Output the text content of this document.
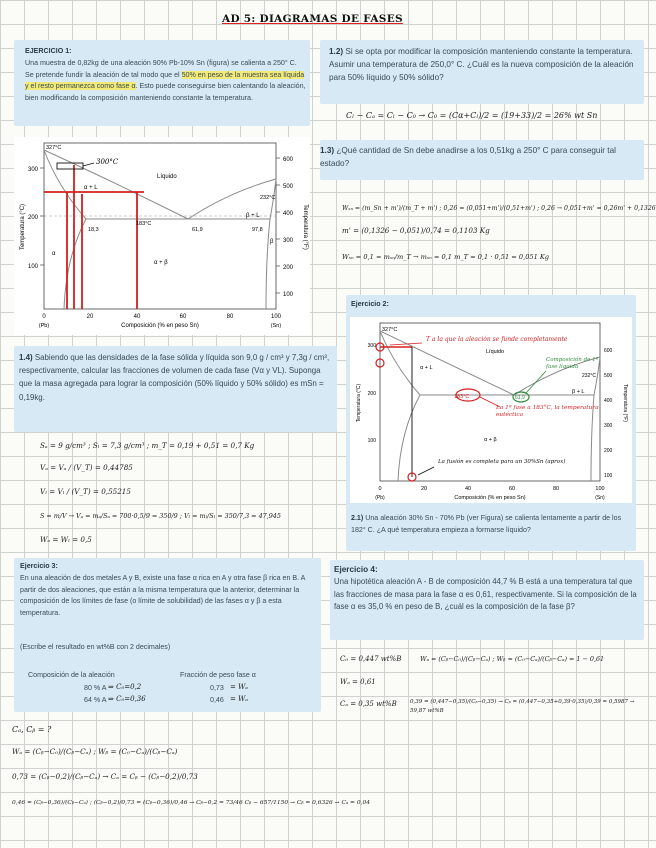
AD 5: DIAGRAMAS DE FASES
EJERCICIO 1:

Una muestra de 0,82kg de una aleación 90% Pb-10% Sn (figura) se calienta a 250° C. Se pretende fundir la aleación de tal modo que el 50% en peso de la muestra sea líquida y el resto permanezca como fase α. Esto puede conseguirse bien calentando la aleación, bien modificando la composición manteniendo constante la temperatura.

1.2) Si se opta por modificar la composición manteniendo constante la temperatura. Asumir una temperatura de 250,0° C. ¿Cuál es la nueva composición de la aleación para 50% líquido y 50% sólido?

Cₗ − Cₐ = Cₗ − C₀ → C₀ = (Cα+Cₗ)/2 = (19+33)/2 = 26% wt Sn
100
200
300
Temperatura (°C)
100
200
300
400
500
600
Temperatura (°F)
0	20	40	60	80	100
(Pb)	(Sn)
Composición (% en peso Sn)
300°C
327°C
Líquido
α + L
β + L
α + β
α
β
183°C
18,3	61,9	97,8
232°C

1.3) ¿Qué cantidad de Sn debe anadirse a los 0,51kg a 250° C para conseguir tal estado?

Wₛₙ = (m_Sn + m')/(m_T + m') ; 0,26 = (0,051+m')/(0,51+m') ; 0,26 → 0,051+m' = 0,26m' + 0,1326
m' = (0,1326 − 0,051)/0,74 = 0,1103 Kg
Wₛₙ = 0,1 = mₛₙ/m_T → mₛₙ = 0,1 m_T = 0,1 · 0,51 = 0,051 Kg

1.4) Sabiendo que las densidades de la fase sólida y líquida son 9,0 g / cm³ y 7,3g / cm³, respectivamente, calcular las fracciones de volumen de cada fase (Vα y VL). Suponga que la masa agregada para lograr la composición (50% líquido y 50% sólido) es mSn = 0,19kg.

Sₐ = 9 g/cm³ ; Sₗ = 7,3 g/cm³ ; m_T = 0,19 + 0,51 = 0,7 Kg
Vₐ = Vₐ / (V_T) = 0,44785
Vₗ = Vₗ / (V_T) = 0,55215
S = m/V → Vₐ = mₐ/Sₐ = 700·0,5/9 = 350/9 ; Vₗ = mₗ/Sₗ = 350/7,3 = 47,945
Wₐ = Wₗ = 0,5
Ejercicio 2:
183°C	61,9
327°C
Líquido
α + L
β + L
α + β
232°C
0	20	40	60	80	100
Composición (% en peso Sn)
(Pb)	(Sn)
100
200
300
400
500
600
100
200
300
Temperatura (°C)	Temperatura (°F)
T a la que la aleación se funde completamente
Composición de 1ª fase líquida
La 1ª fase a 183°C, la temperatura eutéctica
La fusión es completa para un 30%Sn (aprox)

2.1) Una aleación 30% Sn - 70% Pb (ver Figura) se calienta lentamente a partir de los 182° C. ¿A qué temperatura empieza a formarse líquido?

Ejercicio 3:

En una aleación de dos metales A y B, existe una fase α rica en A y otra fase β rica en B. A partir de dos aleaciones, que están a la misma temperatura que la anterior, determinar la composición de los límites de fase (o límite de solubilidad) de las fases α y β a esta temperatura.

(Escribe el resultado en wt%B con 2 decimales)

Composición de la aleación	Fracción de peso fase α
80 % A ⇒ C₀=0,2	0,73 = Wₐ
64 % A ⇒ C₀=0,36	0,46 = Wₐ
Cₐ, Cᵦ = ?
Wₐ = (Cᵦ−C₀)/(Cᵦ−Cₐ) ; Wᵦ = (C₀−Cₐ)/(Cᵦ−Cₐ)
0,73 = (Cᵦ−0,2)/(Cᵦ−Cₐ) → Cₐ = Cᵦ − (Cᵦ−0,2)/0,73
0,46 = (Cᵦ−0,36)/(Cᵦ−Cₐ) ; (Cᵦ−0,2)/0,73 = (Cᵦ−0,36)/0,46 → Cᵦ−0,2 = 73/46 Cᵦ − 657/1150 → Cᵦ = 0,6326 → Cₐ = 0,04
Ejercicio 4:

Una hipotética aleación A - B de composición 44,7 % B está a una temperatura tal que las fracciones de masa para la fase α es 0,61, respectivamente. Si la composición de la fase α es 35,0 % en peso de B, ¿cuál es la composición de la fase β?

C₀ = 0,447 wt%B
Wₐ = 0,61
Cₐ = 0,35 wt%B
Wₐ = (Cᵦ−C₀)/(Cᵦ−Cₐ) ; Wᵦ = (C₀−Cₐ)/(Cᵦ−Cₐ) = 1 − 0,61
0,39 = (0,447−0,35)/(Cᵦ−0,35) → Cᵦ = (0,447−0,35+0,39·0,35)/0,39 = 0,5987 → 59,87 wt%B
